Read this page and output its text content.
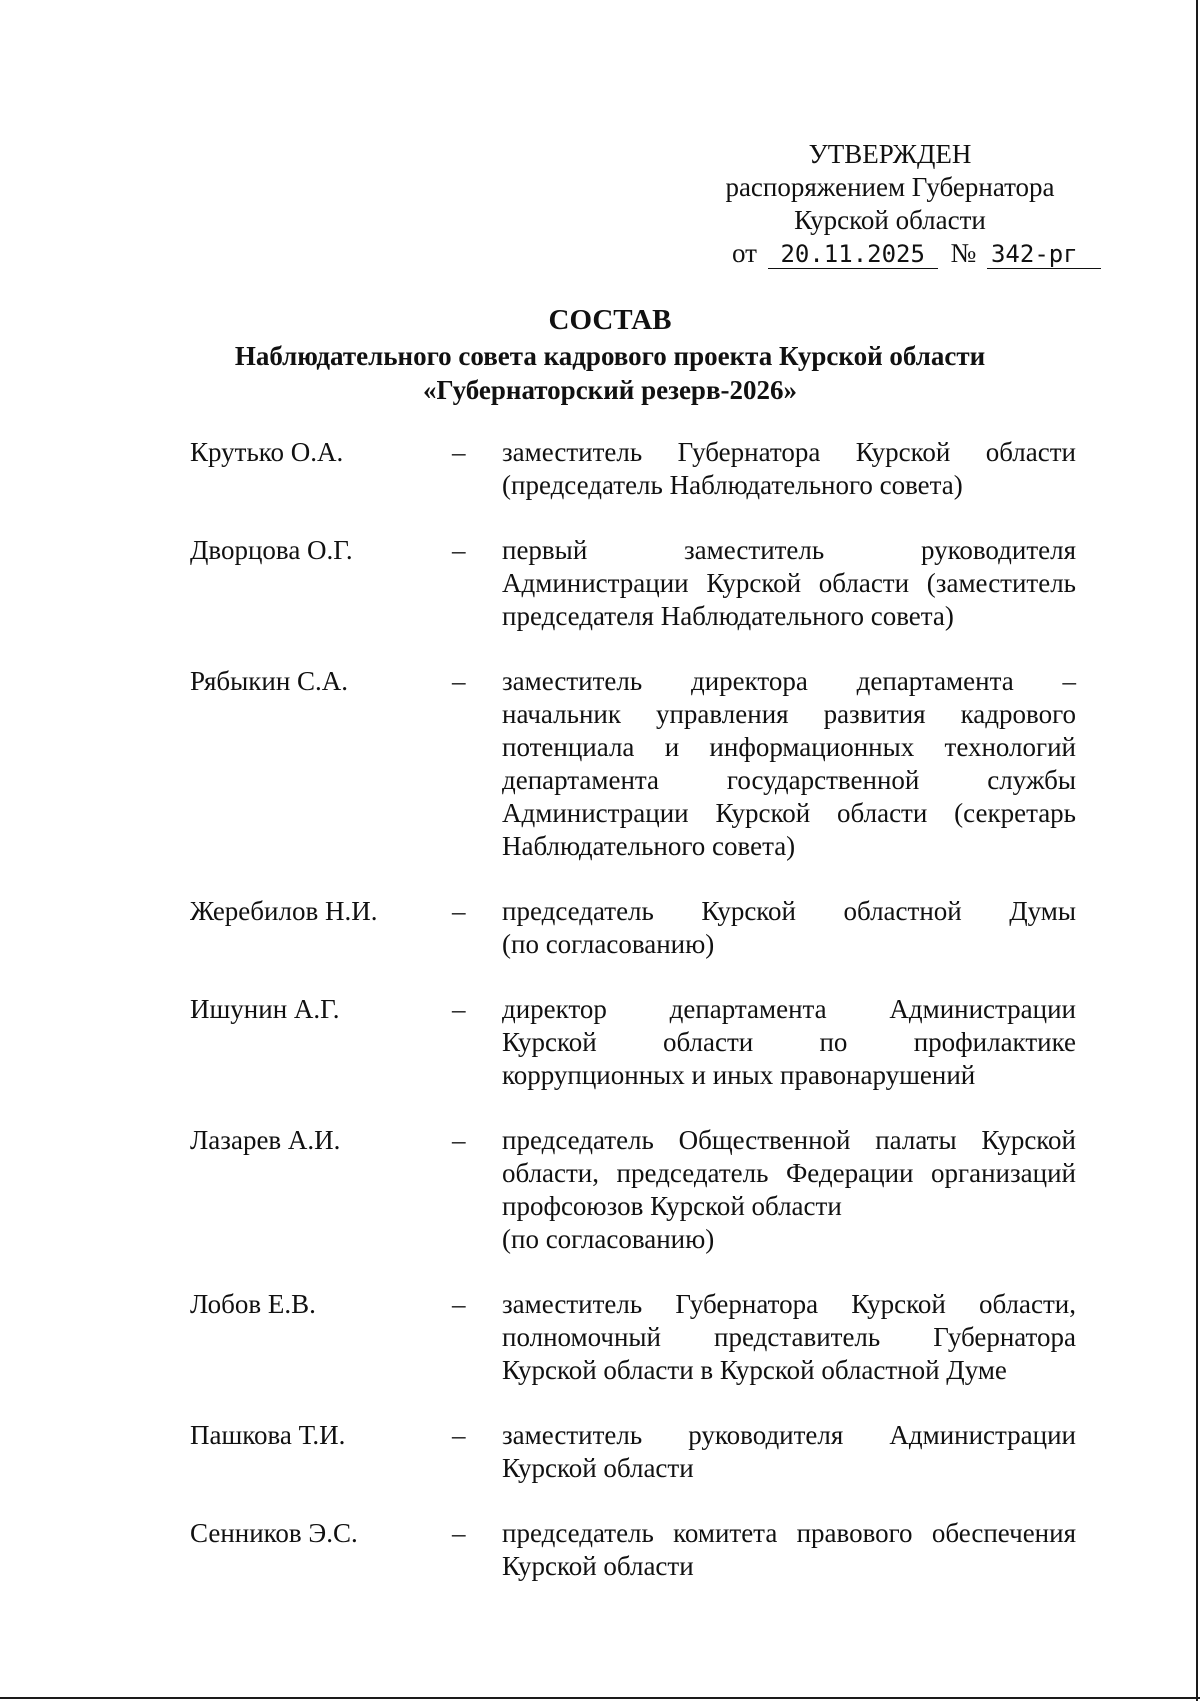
УТВЕРЖДЕН
распоряжением Губернатора
Курской области
от 20.11.2025 № 342-рг
СОСТАВ
Наблюдательного совета кадрового проекта Курской области
«Губернаторский резерв-2026»
Крутько О.А.	–	заместитель Губернатора Курской области
(председатель Наблюдательного совета)
Дворцова О.Г.	–	первый заместитель руководителя
Администрации Курской области (заместитель
председателя Наблюдательного совета)
Рябыкин С.А.	–	заместитель директора департамента –
начальник управления развития кадрового
потенциала и информационных технологий
департамента государственной службы
Администрации Курской области (секретарь
Наблюдательного совета)
Жеребилов Н.И.	–	председатель Курской областной Думы
(по согласованию)
Ишунин А.Г.	–	директор департамента Администрации
Курской области по профилактике
коррупционных и иных правонарушений
Лазарев А.И.	–	председатель Общественной палаты Курской
области, председатель Федерации организаций
профсоюзов Курской области
(по согласованию)
Лобов Е.В.	–	заместитель Губернатора Курской области,
полномочный представитель Губернатора
Курской области в Курской областной Думе
Пашкова Т.И.	–	заместитель руководителя Администрации
Курской области
Сенников Э.С.	–	председатель комитета правового обеспечения
Курской области
